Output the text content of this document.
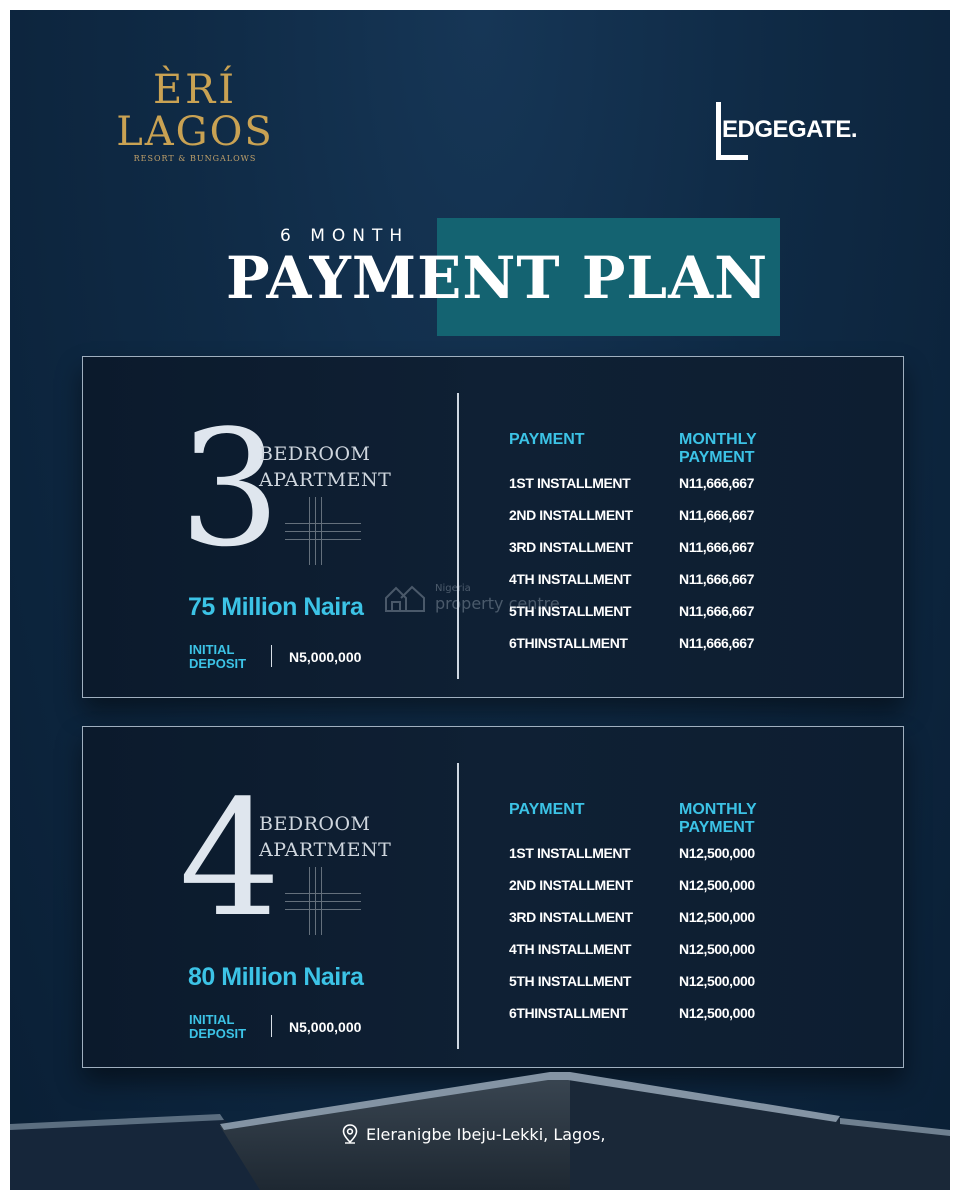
ÈRÍ
LAGOS
RESORT & BUNGALOWS
EDGEGATE.
6 MONTH
PAYMENT PLAN
3
BEDROOM
APARTMENT
75 Million Naira
INITIAL
DEPOSIT	N5,000,000
PAYMENT	MONTHLY
PAYMENT
1ST INSTALLMENT	N11,666,667
2ND INSTALLMENT	N11,666,667
3RD INSTALLMENT	N11,666,667
4TH INSTALLMENT	N11,666,667
5TH INSTALLMENT	N11,666,667
6THINSTALLMENT	N11,666,667
Nigeria
property centre
4
BEDROOM
APARTMENT
80 Million Naira
INITIAL
DEPOSIT	N5,000,000
PAYMENT	MONTHLY
PAYMENT
1ST INSTALLMENT	N12,500,000
2ND INSTALLMENT	N12,500,000
3RD INSTALLMENT	N12,500,000
4TH INSTALLMENT	N12,500,000
5TH INSTALLMENT	N12,500,000
6THINSTALLMENT	N12,500,000
Eleranigbe Ibeju-Lekki, Lagos,
